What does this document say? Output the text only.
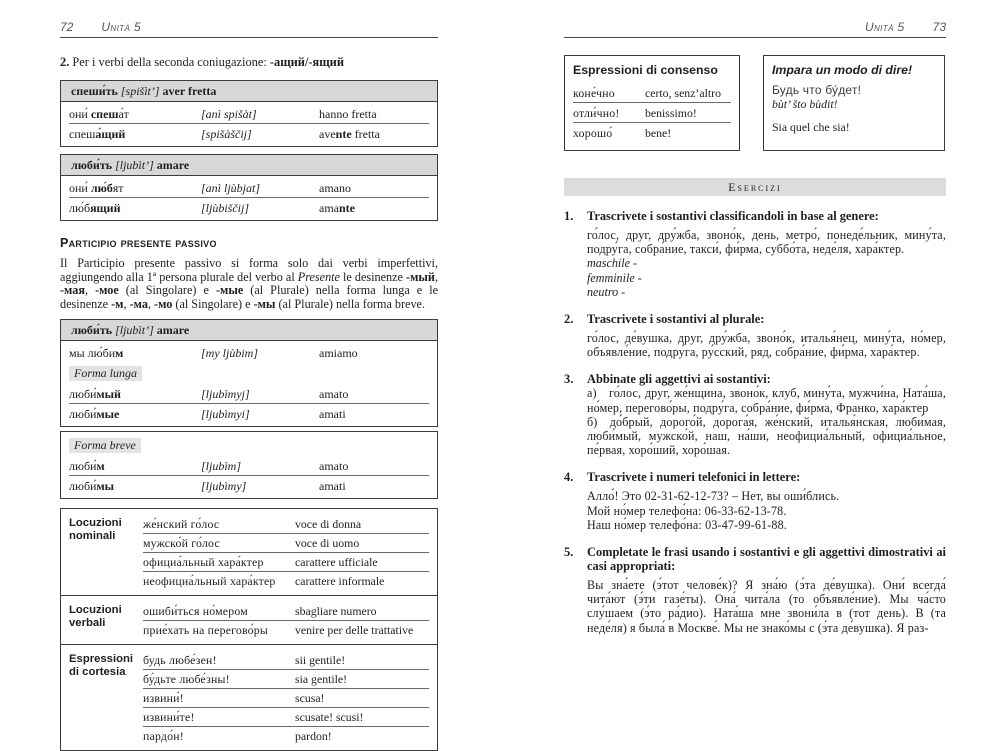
72 Unità 5

2. Per i verbi della seconda coniugazione: -ащий/-ящий

спеши́ть [spišìt’] aver fretta
они́ спеша́т	[anì spišàt]	hanno fretta
спеша́щий	[spišàščij]	avente fretta
люби́ть [ljubìt’] amare
они́ лю́бят	[anì ljùbjat]	amano
лю́бящий	[ljùbiščij]	amante
Participio presente passivo

Il Participio presente passivo si forma solo dai verbi imperfettivi, aggiungendo alla 1ª persona plurale del verbo al Presente le desinenze -мый, -мая, -мое (al Singolare) e -мые (al Plurale) nella forma lunga e le desinenze -м, -ма, -мо (al Singolare) e -мы (al Plurale) nella forma breve.

люби́ть [ljubìt’] amare
мы лю́бим	[my ljùbim]	amiamo
Forma lunga
люби́мый	[ljubìmyj]	amato
люби́мые	[ljubìmyi]	amati
Forma breve
люби́м	[ljubìm]	amato
люби́мы	[ljubìmy]	amati
Locuzioni nominali
же́нский го́лос	voce di donna
мужско́й го́лос	voce di uomo
официа́льный хара́ктер	carattere ufficiale
неофициа́льный хара́ктер	carattere informale
Locuzioni verbali
ошиби́ться но́мером	sbagliare numero
прие́хать на перегово́ры	venire per delle trattative
Espressioni di cortesia
будь любе́зен!	sii gentile!
бу́дьте любе́зны!	sia gentile!
извини́!	scusa!
извини́те!	scusate! scusi!
пардо́н!	pardon!
Unità 5 73
Espressioni di consenso
коне́чно	certo, senz’altro
отли́чно!	benissimo!
хорошо́	bene!
Impara un modo di dire!
Будь что бу́дет!
bùt’ što bùdit!
Sia quel che sia!
Esercizi
1.	Trascrivete i sostantivi classificandoli in base al genere:
го́лос, друг, дру́жба, звоно́к, день, метро́, понеде́льник, мину́та, подру́га, собра́ние, такси́, фи́рма, суббо́та, неде́ля, хара́ктер.
maschile -
femminile -
neutro -
2.	Trascrivete i sostantivi al plurale:
го́лос, де́вушка, друг, дру́жба, звоно́к, италья́нец, мину́та, но́мер, объявле́ние, подру́га, ру́сский, ряд, собра́ние, фи́рма, хара́ктер.
3.	Abbinate gli aggettivi ai sostantivi:
а) го́лос, друг, же́нщина, звоно́к, клуб, мину́та, мужчи́на, Ната́ша, но́мер, перегово́ры, подру́га, собра́ние, фи́рма, Франко, хара́ктер
б) до́брый, дорого́й, дорога́я, же́нский, италья́нская, люби́мая, люби́мый, мужско́й, наш, на́ши, неофициа́льный, официа́льное, пе́рвая, хоро́ший, хоро́шая.
4.	Trascrivete i numeri telefonici in lettere:
Алло́! Это 02-31-62-12-73? – Нет, вы оши́блись.
Мой но́мер телефо́на: 06-33-62-13-78.
Наш но́мер телефо́на: 03-47-99-61-88.
5.	Completate le frasi usando i sostantivi e gli aggettivi dimostrativi ai casi appropriati:
Вы зна́ете (э́тот челове́к)? Я зна́ю (э́та де́вушка). Они́ всегда́ чита́ют (э́ти газе́ты). Она́ чита́ла (то объявле́ние). Мы ча́сто слу́шаем (э́то ра́дио). Ната́ша мне звони́ла в (тот день). В (та неде́ля) я была́ в Москве́. Мы не знако́мы с (э́та де́вушка). Я раз-
